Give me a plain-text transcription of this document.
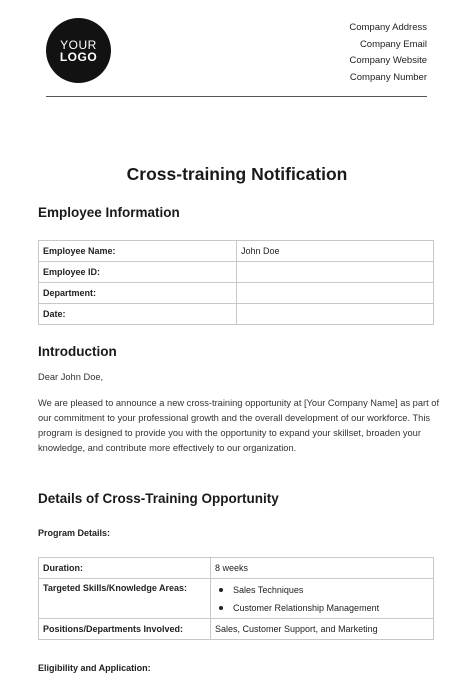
YOUR
LOGO
Company Address
Company Email
Company Website
Company Number
Cross-training Notification
Employee Information
Employee Name:	John Doe
Employee ID:	
Department:	
Date:	
Introduction
Dear John Doe,
We are pleased to announce a new cross-training opportunity at [Your Company Name] as part of our commitment to your professional growth and the overall development of our workforce. This program is designed to provide you with the opportunity to expand your skillset, broaden your knowledge, and contribute more effectively to our organization.
Details of Cross-Training Opportunity
Program Details:
Duration:	8 weeks
Targeted Skills/Knowledge Areas:	Sales Techniques
Customer Relationship Management

Positions/Departments Involved:	Sales, Customer Support, and Marketing
Eligibility and Application:
